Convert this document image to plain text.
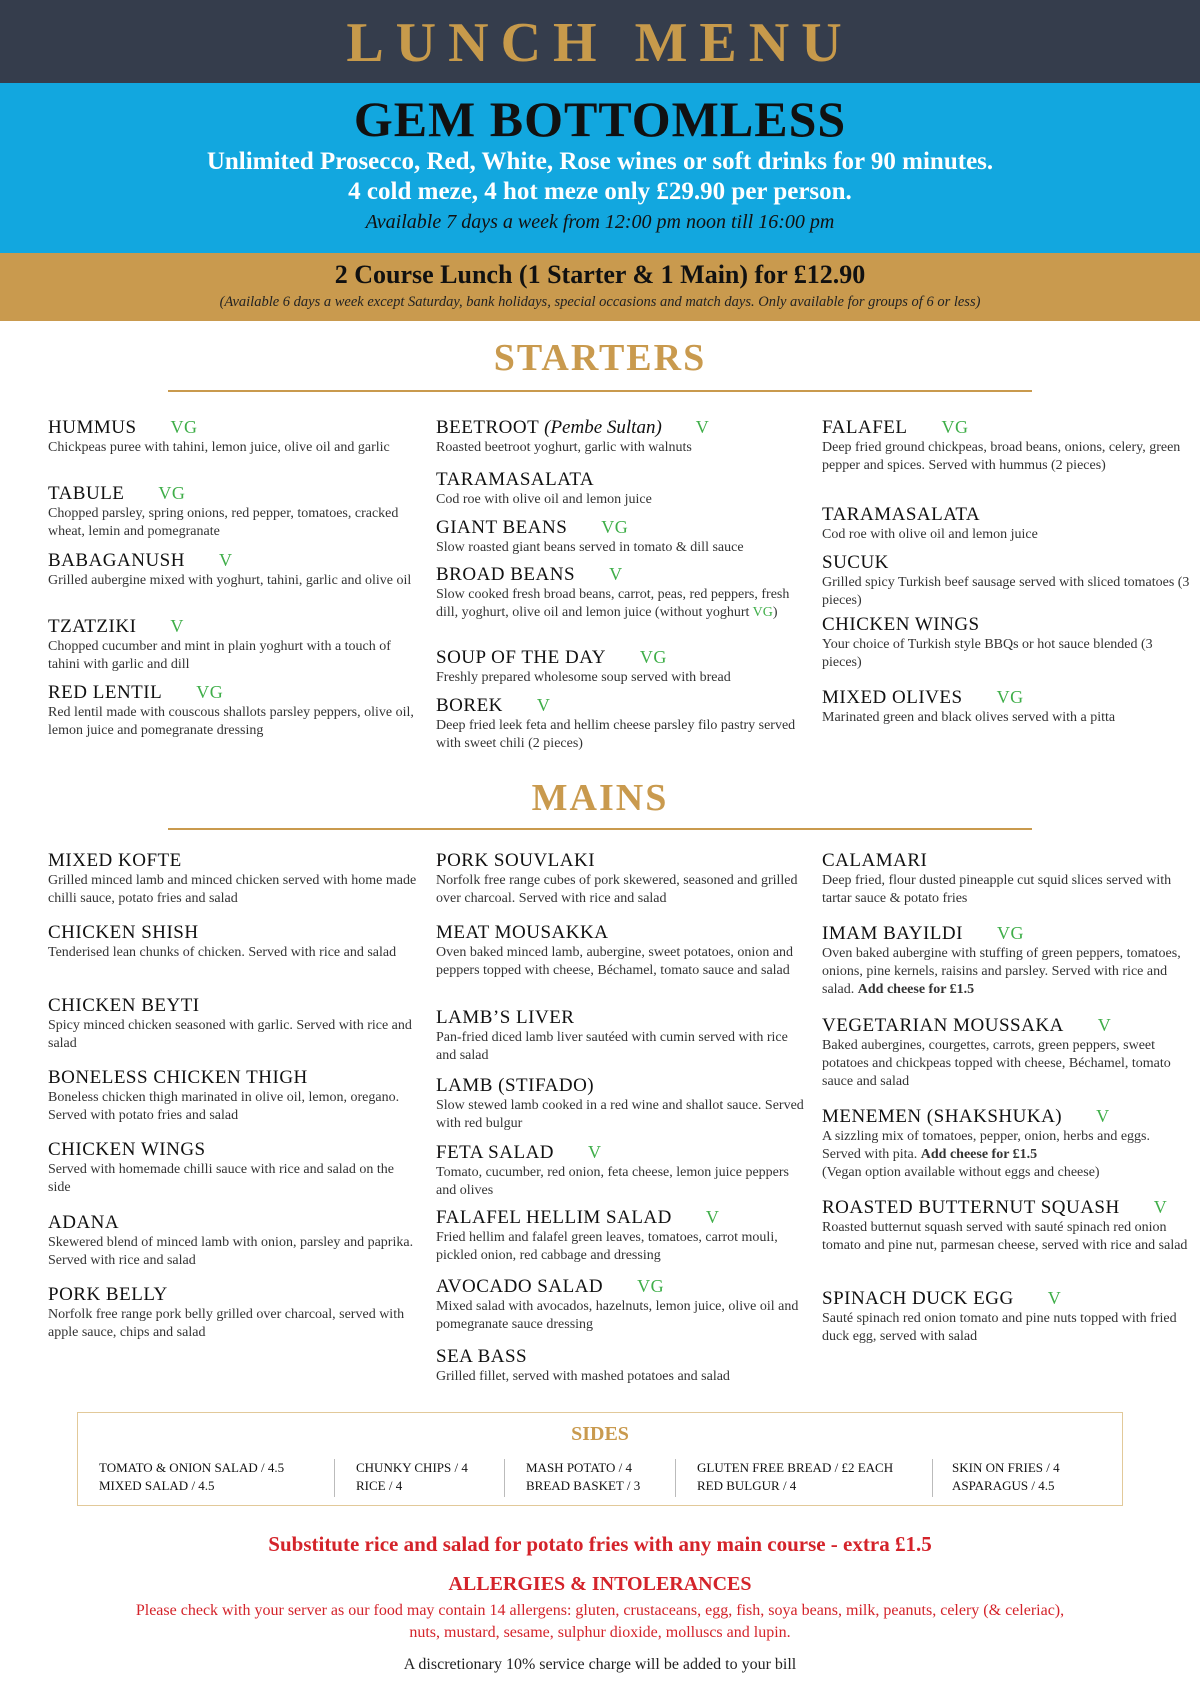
LUNCH MENU
GEM BOTTOMLESS
Unlimited Prosecco, Red, White, Rose wines or soft drinks for 90 minutes.
4 cold meze, 4 hot meze only £29.90 per person.
Available 7 days a week from 12:00 pm noon till 16:00 pm
2 Course Lunch (1 Starter & 1 Main) for £12.90
(Available 6 days a week except Saturday, bank holidays, special occasions and match days. Only available for groups of 6 or less)
STARTERS
HUMMUS VG
Chickpeas puree with tahini, lemon juice, olive oil and garlic
TABULE VG
Chopped parsley, spring onions, red pepper, tomatoes, cracked wheat, lemin and pomegranate
BABAGANUSH V
Grilled aubergine mixed with yoghurt, tahini, garlic and olive oil
TZATZIKI V
Chopped cucumber and mint in plain yoghurt with a touch of tahini with garlic and dill
RED LENTIL VG
Red lentil made with couscous shallots parsley peppers, olive oil, lemon juice and pomegranate dressing
BEETROOT (Pembe Sultan) V
Roasted beetroot yoghurt, garlic with walnuts
TARAMASALATA
Cod roe with olive oil and lemon juice
GIANT BEANS VG
Slow roasted giant beans served in tomato & dill sauce
BROAD BEANS V
Slow cooked fresh broad beans, carrot, peas, red peppers, fresh dill, yoghurt, olive oil and lemon juice (without yoghurt VG)
SOUP OF THE DAY VG
Freshly prepared wholesome soup served with bread
BOREK V
Deep fried leek feta and hellim cheese parsley filo pastry served with sweet chili (2 pieces)
FALAFEL VG
Deep fried ground chickpeas, broad beans, onions, celery, green pepper and spices. Served with hummus (2 pieces)
TARAMASALATA
Cod roe with olive oil and lemon juice
SUCUK
Grilled spicy Turkish beef sausage served with sliced tomatoes (3 pieces)
CHICKEN WINGS
Your choice of Turkish style BBQs or hot sauce blended (3 pieces)
MIXED OLIVES VG
Marinated green and black olives served with a pitta
MAINS
MIXED KOFTE
Grilled minced lamb and minced chicken served with home made chilli sauce, potato fries and salad
CHICKEN SHISH
Tenderised lean chunks of chicken. Served with rice and salad
CHICKEN BEYTI
Spicy minced chicken seasoned with garlic. Served with rice and salad
BONELESS CHICKEN THIGH
Boneless chicken thigh marinated in olive oil, lemon, oregano. Served with potato fries and salad
CHICKEN WINGS
Served with homemade chilli sauce with rice and salad on the side
ADANA
Skewered blend of minced lamb with onion, parsley and paprika. Served with rice and salad
PORK BELLY
Norfolk free range pork belly grilled over charcoal, served with apple sauce, chips and salad
PORK SOUVLAKI
Norfolk free range cubes of pork skewered, seasoned and grilled over charcoal. Served with rice and salad
MEAT MOUSAKKA
Oven baked minced lamb, aubergine, sweet potatoes, onion and peppers topped with cheese, Béchamel, tomato sauce and salad
LAMB’S LIVER
Pan-fried diced lamb liver sautéed with cumin served with rice and salad
LAMB (STIFADO)
Slow stewed lamb cooked in a red wine and shallot sauce. Served with red bulgur
FETA SALAD V
Tomato, cucumber, red onion, feta cheese, lemon juice peppers and olives
FALAFEL HELLIM SALAD V
Fried hellim and falafel green leaves, tomatoes, carrot mouli, pickled onion, red cabbage and dressing
AVOCADO SALAD VG
Mixed salad with avocados, hazelnuts, lemon juice, olive oil and pomegranate sauce dressing
SEA BASS
Grilled fillet, served with mashed potatoes and salad
CALAMARI
Deep fried, flour dusted pineapple cut squid slices served with tartar sauce & potato fries
IMAM BAYILDI VG
Oven baked aubergine with stuffing of green peppers, tomatoes, onions, pine kernels, raisins and parsley. Served with rice and salad. Add cheese for £1.5
VEGETARIAN MOUSSAKA V
Baked aubergines, courgettes, carrots, green peppers, sweet potatoes and chickpeas topped with cheese, Béchamel, tomato sauce and salad
MENEMEN (SHAKSHUKA) V
A sizzling mix of tomatoes, pepper, onion, herbs and eggs. Served with pita. Add cheese for £1.5
(Vegan option available without eggs and cheese)
ROASTED BUTTERNUT SQUASH V
Roasted butternut squash served with sauté spinach red onion tomato and pine nut, parmesan cheese, served with rice and salad
SPINACH DUCK EGG V
Sauté spinach red onion tomato and pine nuts topped with fried duck egg, served with salad
SIDES
TOMATO & ONION SALAD / 4.5
MIXED SALAD / 4.5
CHUNKY CHIPS / 4
RICE / 4
MASH POTATO / 4
BREAD BASKET / 3
GLUTEN FREE BREAD / £2 EACH
RED BULGUR / 4
SKIN ON FRIES / 4
ASPARAGUS / 4.5
Substitute rice and salad for potato fries with any main course - extra £1.5
ALLERGIES & INTOLERANCES
Please check with your server as our food may contain 14 allergens: gluten, crustaceans, egg, fish, soya beans, milk, peanuts, celery (& celeriac), nuts, mustard, sesame, sulphur dioxide, molluscs and lupin.
A discretionary 10% service charge will be added to your bill
